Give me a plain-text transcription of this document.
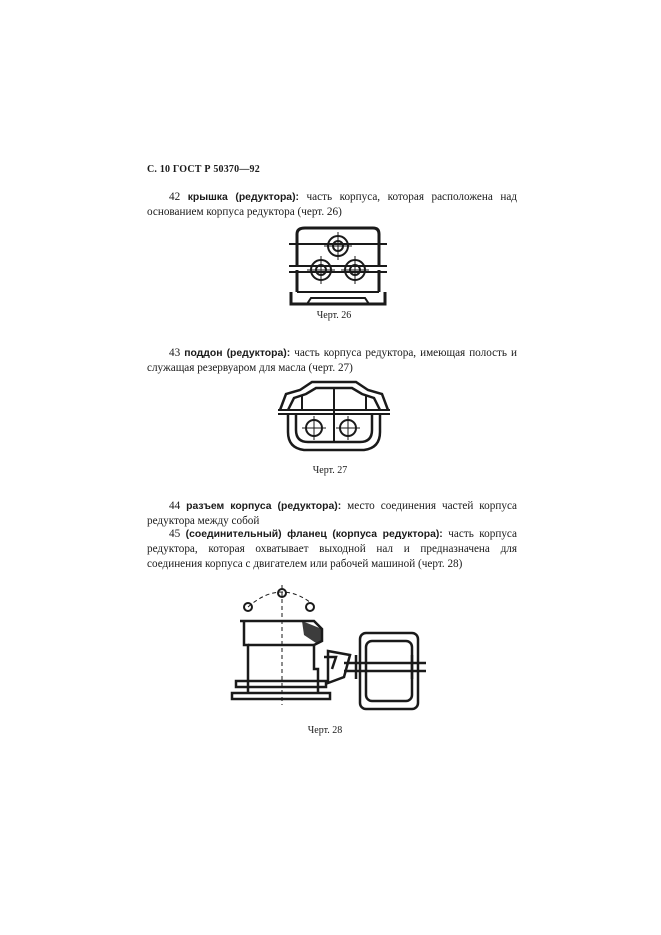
С. 10 ГОСТ Р 50370—92
42 крышка (редуктора): часть корпуса, которая расположена над основанием корпуса редуктора (черт. 26)
Черт. 26
43 поддон (редуктора): часть корпуса редуктора, имеющая полость и служащая резервуаром для масла (черт. 27)
Черт. 27
44 разъем корпуса (редуктора): место соединения частей корпуса редуктора между собой
45 (соединительный) фланец (корпуса редуктора): часть корпуса редуктора, которая охватывает выходной нал и предназначена для соединения корпуса с двигателем или рабочей машиной (черт. 28)
Черт. 28
